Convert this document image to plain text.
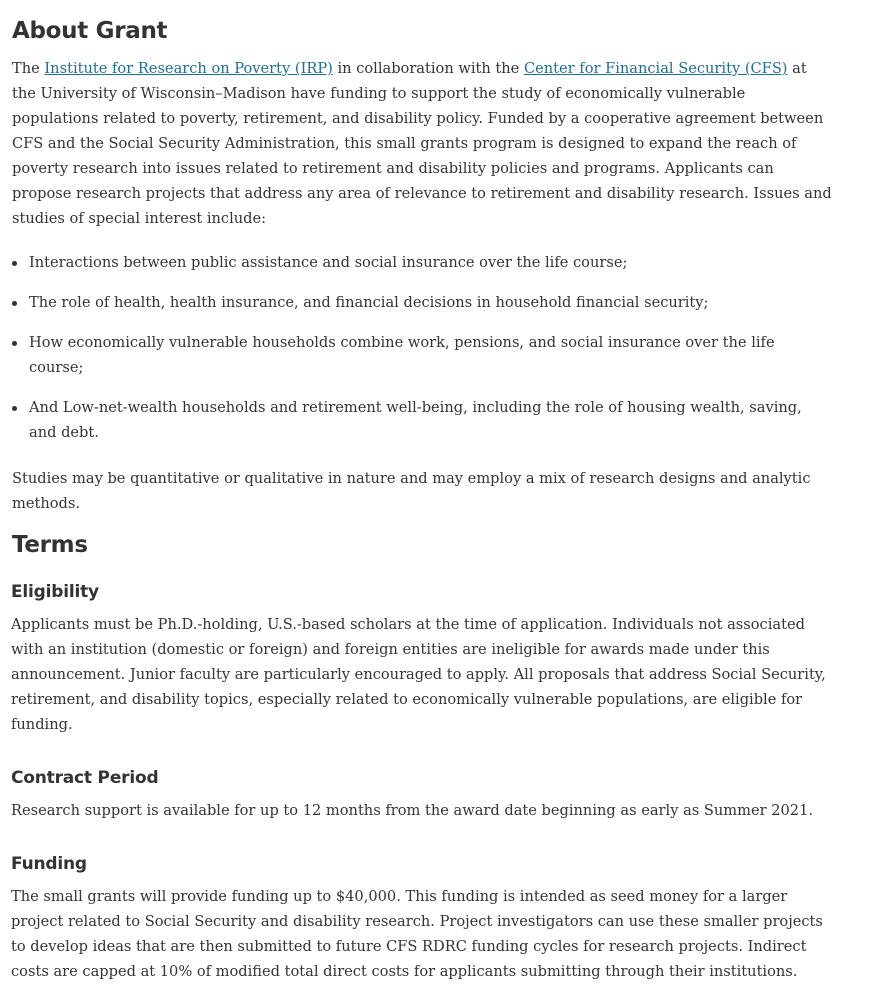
About Grant

The Institute for Research on Poverty (IRP) in collaboration with the Center for Financial Security (CFS) at the University of Wisconsin–Madison have funding to support the study of economically vulnerable populations related to poverty, retirement, and disability policy. Funded by a cooperative agreement between CFS and the Social Security Administration, this small grants program is designed to expand the reach of poverty research into issues related to retirement and disability policies and programs. Applicants can propose research projects that address any area of relevance to retirement and disability research. Issues and studies of special interest include:

Interactions between public assistance and social insurance over the life course;
The role of health, health insurance, and financial decisions in household financial security;
How economically vulnerable households combine work, pensions, and social insurance over the life course;
And Low-net-wealth households and retirement well-being, including the role of housing wealth, saving, and debt.

Studies may be quantitative or qualitative in nature and may employ a mix of research designs and analytic methods.

Terms
Eligibility

Applicants must be Ph.D.-holding, U.S.-based scholars at the time of application. Individuals not associated with an institution (domestic or foreign) and foreign entities are ineligible for awards made under this announcement. Junior faculty are particularly encouraged to apply. All proposals that address Social Security, retirement, and disability topics, especially related to economically vulnerable populations, are eligible for funding.

Contract Period

Research support is available for up to 12 months from the award date beginning as early as Summer 2021.

Funding

The small grants will provide funding up to $40,000. This funding is intended as seed money for a larger project related to Social Security and disability research. Project investigators can use these smaller projects to develop ideas that are then submitted to future CFS RDRC funding cycles for research projects. Indirect costs are capped at 10% of modified total direct costs for applicants submitting through their institutions.
